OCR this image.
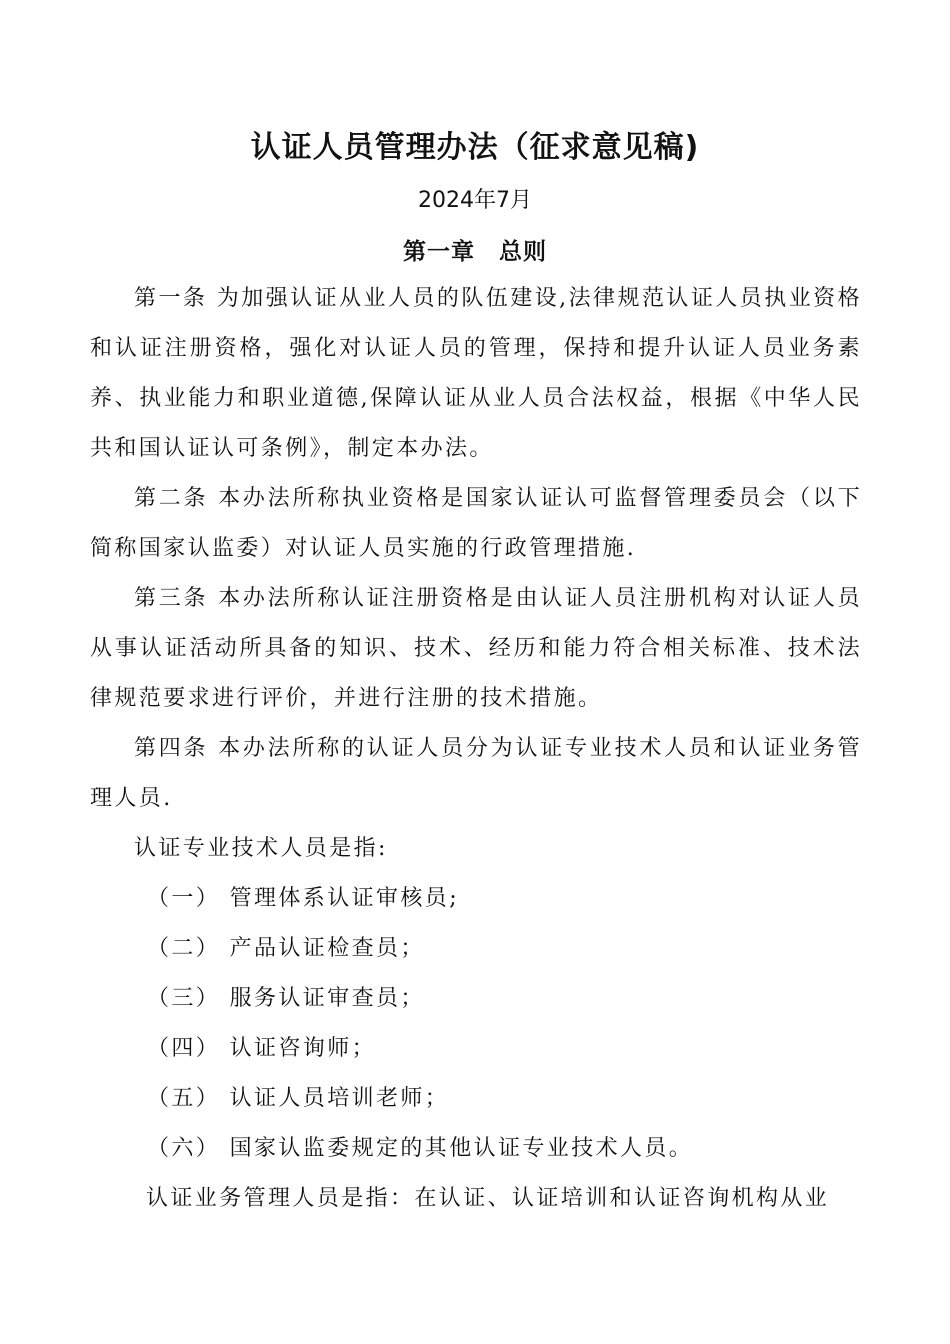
认证人员管理办法（征求意见稿)
2024年7月
第一章　总则

第一条 为加强认证从业人员的队伍建设,法律规范认证人员执业资格和认证注册资格，强化对认证人员的管理，保持和提升认证人员业务素养、执业能力和职业道德,保障认证从业人员合法权益，根据《中华人民共和国认证认可条例》，制定本办法。

第二条 本办法所称执业资格是国家认证认可监督管理委员会（以下简称国家认监委）对认证人员实施的行政管理措施.

第三条 本办法所称认证注册资格是由认证人员注册机构对认证人员从事认证活动所具备的知识、技术、经历和能力符合相关标准、技术法律规范要求进行评价，并进行注册的技术措施。

第四条 本办法所称的认证人员分为认证专业技术人员和认证业务管理人员.

认证专业技术人员是指:

（一） 管理体系认证审核员;

（二） 产品认证检查员；

（三） 服务认证审查员；

（四） 认证咨询师；

（五） 认证人员培训老师；

（六） 国家认监委规定的其他认证专业技术人员。

认证业务管理人员是指：在认证、认证培训和认证咨询机构从业
